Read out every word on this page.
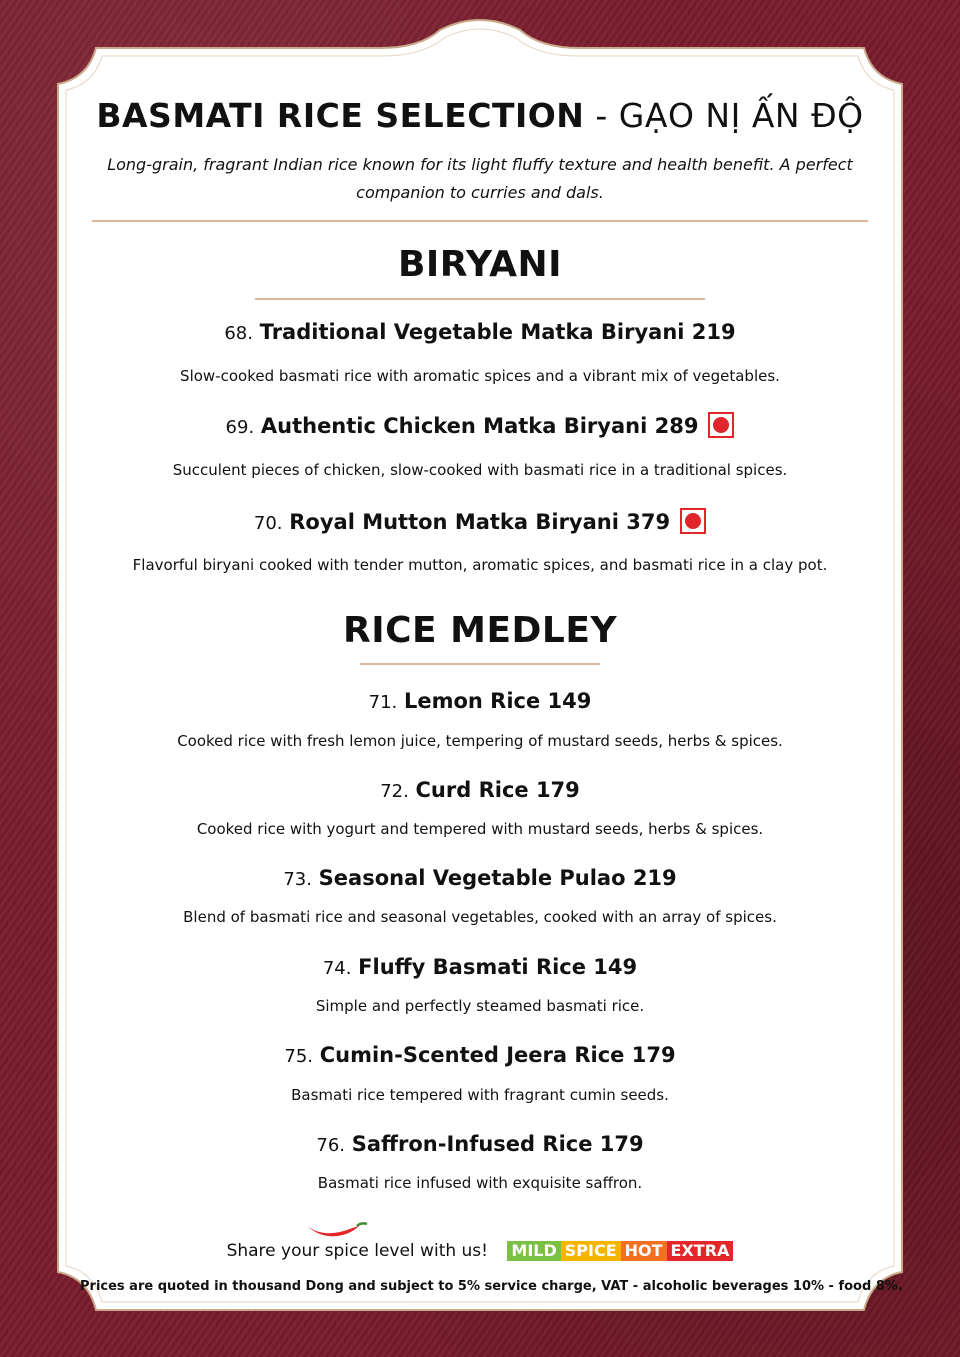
BASMATI RICE SELECTION - GẠO NỊ ẤN ĐỘ
Long-grain, fragrant Indian rice known for its light fluffy texture and health benefit. A perfect
companion to curries and dals.
BIRYANI
68. Traditional Vegetable Matka Biryani 219
Slow-cooked basmati rice with aromatic spices and a vibrant mix of vegetables.
69. Authentic Chicken Matka Biryani 289
Succulent pieces of chicken, slow-cooked with basmati rice in a traditional spices.
70. Royal Mutton Matka Biryani 379
Flavorful biryani cooked with tender mutton, aromatic spices, and basmati rice in a clay pot.
RICE MEDLEY
71. Lemon Rice 149
Cooked rice with fresh lemon juice, tempering of mustard seeds, herbs & spices.
72. Curd Rice 179
Cooked rice with yogurt and tempered with mustard seeds, herbs & spices.
73. Seasonal Vegetable Pulao 219
Blend of basmati rice and seasonal vegetables, cooked with an array of spices.
74. Fluffy Basmati Rice 149
Simple and perfectly steamed basmati rice.
75. Cumin-Scented Jeera Rice 179
Basmati rice tempered with fragrant cumin seeds.
76. Saffron-Infused Rice 179
Basmati rice infused with exquisite saffron.
Share your spice level with us! MILD SPICE HOT EXTRA
Prices are quoted in thousand Dong and subject to 5% service charge, VAT - alcoholic beverages 10% - food 8%.
